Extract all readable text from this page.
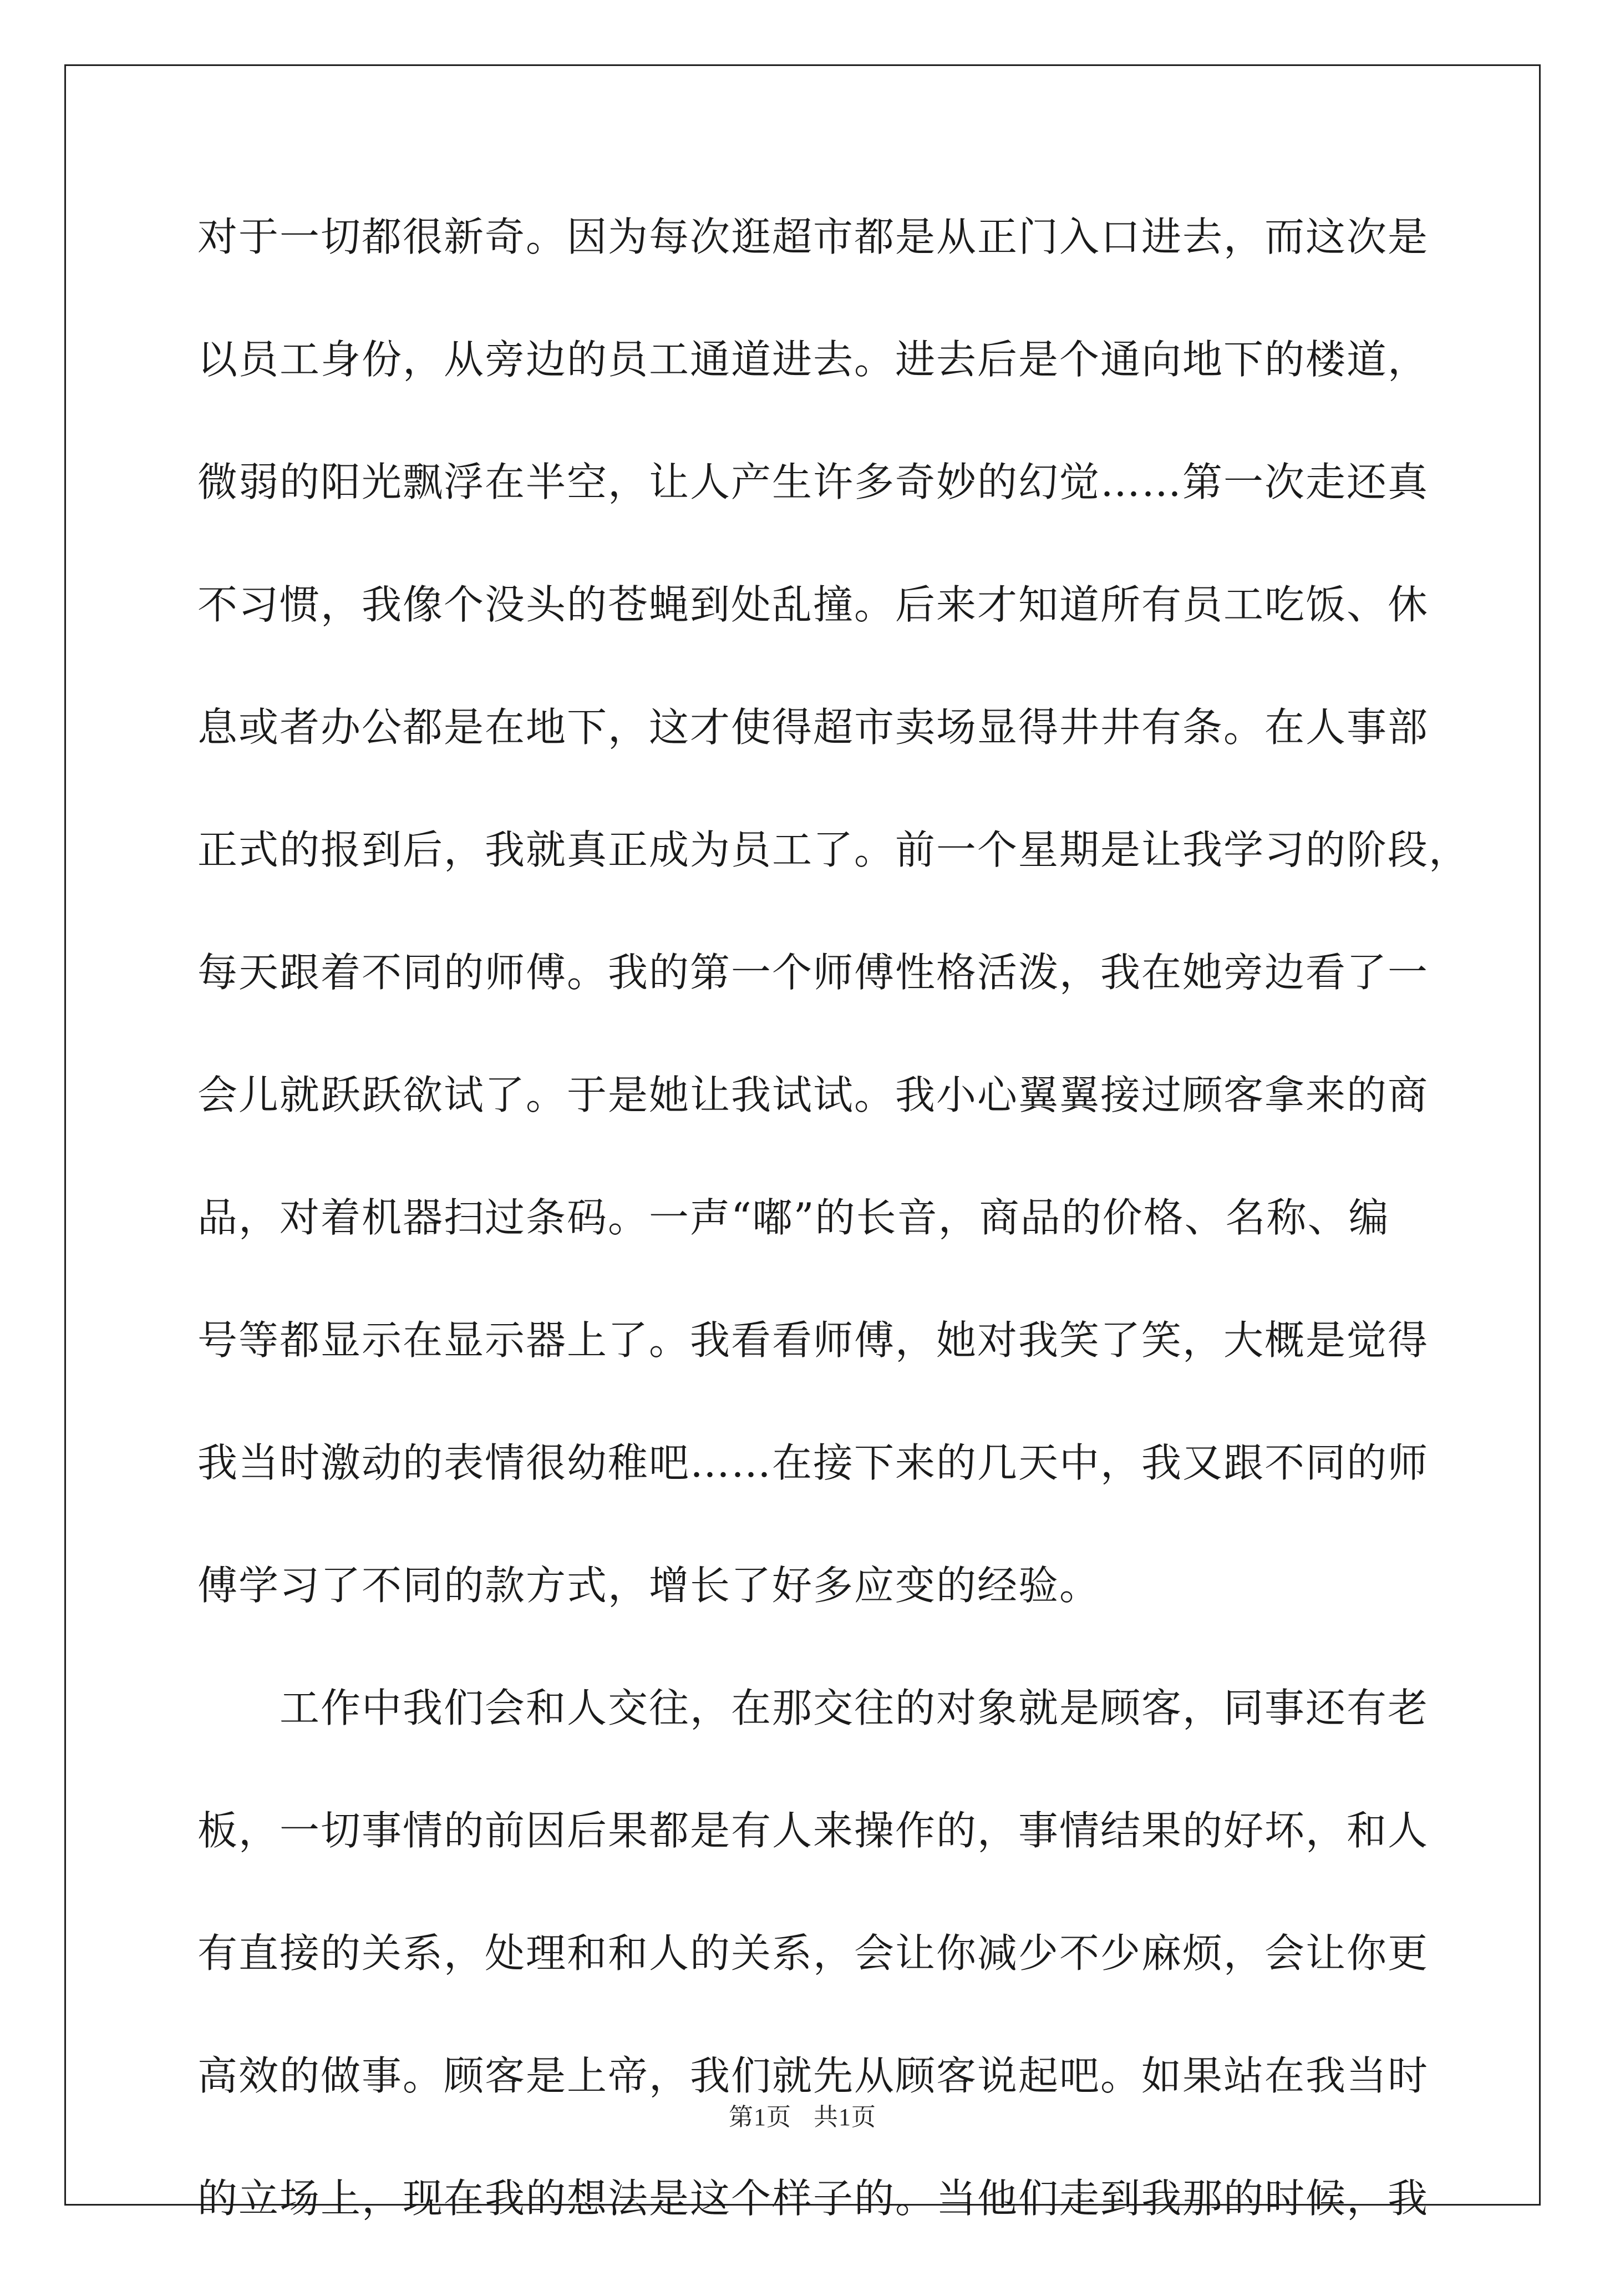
对于一切都很新奇。因为每次逛超市都是从正门入口进去，而这次是
以员工身份，从旁边的员工通道进去。进去后是个通向地下的楼道，
微弱的阳光飘浮在半空，让人产生许多奇妙的幻觉……第一次走还真
不习惯，我像个没头的苍蝇到处乱撞。后来才知道所有员工吃饭、休
息或者办公都是在地下，这才使得超市卖场显得井井有条。在人事部
正式的报到后，我就真正成为员工了。前一个星期是让我学习的阶段，
每天跟着不同的师傅。我的第一个师傅性格活泼，我在她旁边看了一
会儿就跃跃欲试了。于是她让我试试。我小心翼翼接过顾客拿来的商
品，对着机器扫过条码。一声“嘟”的长音，商品的价格、名称、编
号等都显示在显示器上了。我看看师傅，她对我笑了笑，大概是觉得
我当时激动的表情很幼稚吧……在接下来的几天中，我又跟不同的师
傅学习了不同的款方式，增长了好多应变的经验。
工作中我们会和人交往，在那交往的对象就是顾客，同事还有老
板，一切事情的前因后果都是有人来操作的，事情结果的好坏，和人
有直接的关系，处理和和人的关系，会让你减少不少麻烦，会让你更
高效的做事。顾客是上帝，我们就先从顾客说起吧。如果站在我当时
的立场上，现在我的想法是这个样子的。当他们走到我那的时候，我
第1页 共1页
